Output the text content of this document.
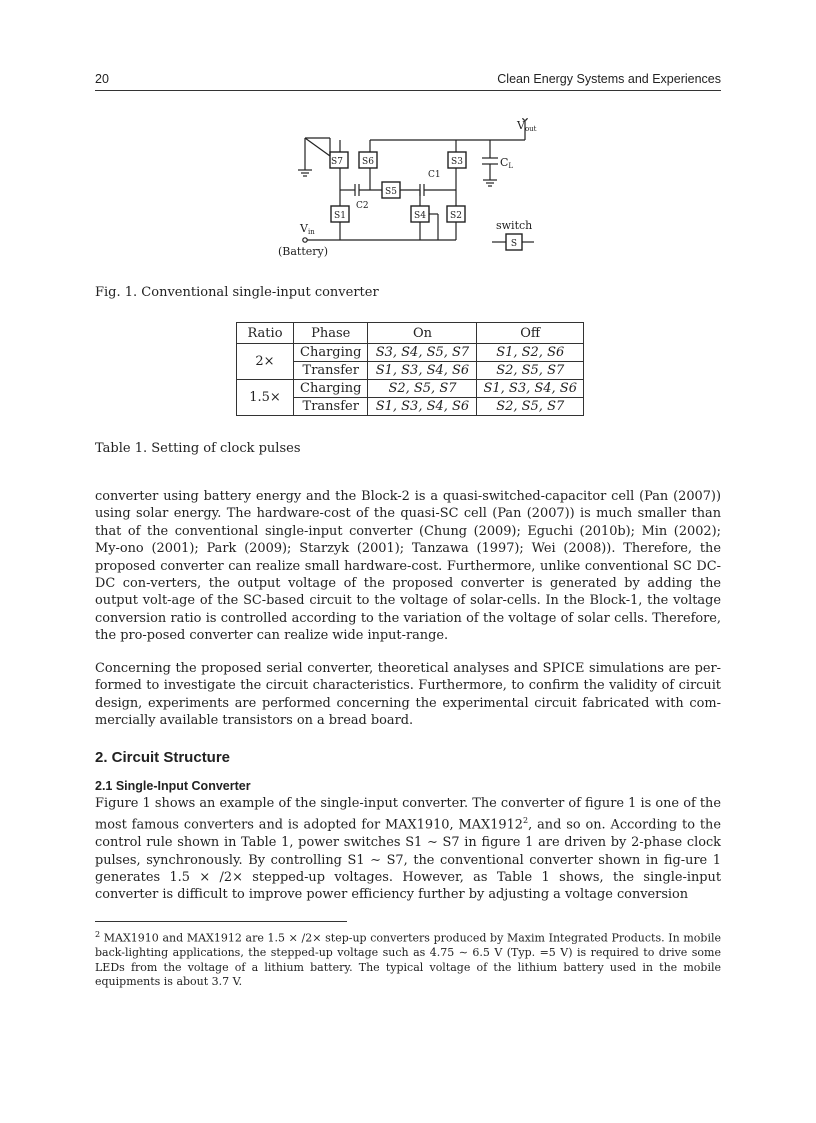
20	Clean Energy Systems and Experiences
S7 S6	S3
S5
S1	S4	S2
C1
C2
S
Vout
CL
Vin
(Battery)
switch
Fig. 1. Conventional single-input converter
Ratio	Phase	On	Off
2×	Charging	S3, S4, S5, S7	S1, S2, S6
	Transfer	S1, S3, S4, S6	S2, S5, S7
1.5×	Charging	S2, S5, S7	S1, S3, S4, S6
	Transfer	S1, S3, S4, S6	S2, S5, S7
Table 1. Setting of clock pulses

converter using battery energy and the Block-2 is a quasi-switched-capacitor cell (Pan (2007)) using solar energy. The hardware-cost of the quasi-SC cell (Pan (2007)) is much smaller than that of the conventional single-input converter (Chung (2009); Eguchi (2010b); Min (2002); My-ono (2001); Park (2009); Starzyk (2001); Tanzawa (1997); Wei (2008)). Therefore, the proposed converter can realize small hardware-cost. Furthermore, unlike conventional SC DC-DC con-verters, the output voltage of the proposed converter is generated by adding the output volt-age of the SC-based circuit to the voltage of solar-cells. In the Block-1, the voltage conversion ratio is controlled according to the variation of the voltage of solar cells. Therefore, the pro-posed converter can realize wide input-range.

Concerning the proposed serial converter, theoretical analyses and SPICE simulations are per-formed to investigate the circuit characteristics. Furthermore, to confirm the validity of circuit design, experiments are performed concerning the experimental circuit fabricated with com-mercially available transistors on a bread board.

2. Circuit Structure
2.1 Single-Input Converter

Figure 1 shows an example of the single-input converter. The converter of figure 1 is one of the most famous converters and is adopted for MAX1910, MAX1912$^2$, and so on. According to the control rule shown in Table 1, power switches S1 ∼ S7 in figure 1 are driven by 2-phase clock pulses, synchronously. By controlling S1 ∼ S7, the conventional converter shown in fig-ure 1 generates 1.5 × /2× stepped-up voltages. However, as Table 1 shows, the single-input converter is difficult to improve power efficiency further by adjusting a voltage conversion

$^2$ MAX1910 and MAX1912 are 1.5 × /2× step-up converters produced by Maxim Integrated Products. In mobile back-lighting applications, the stepped-up voltage such as 4.75 ∼ 6.5 V (Typ. =5 V) is required to drive some LEDs from the voltage of a lithium battery. The typical voltage of the lithium battery used in the mobile equipments is about 3.7 V.
